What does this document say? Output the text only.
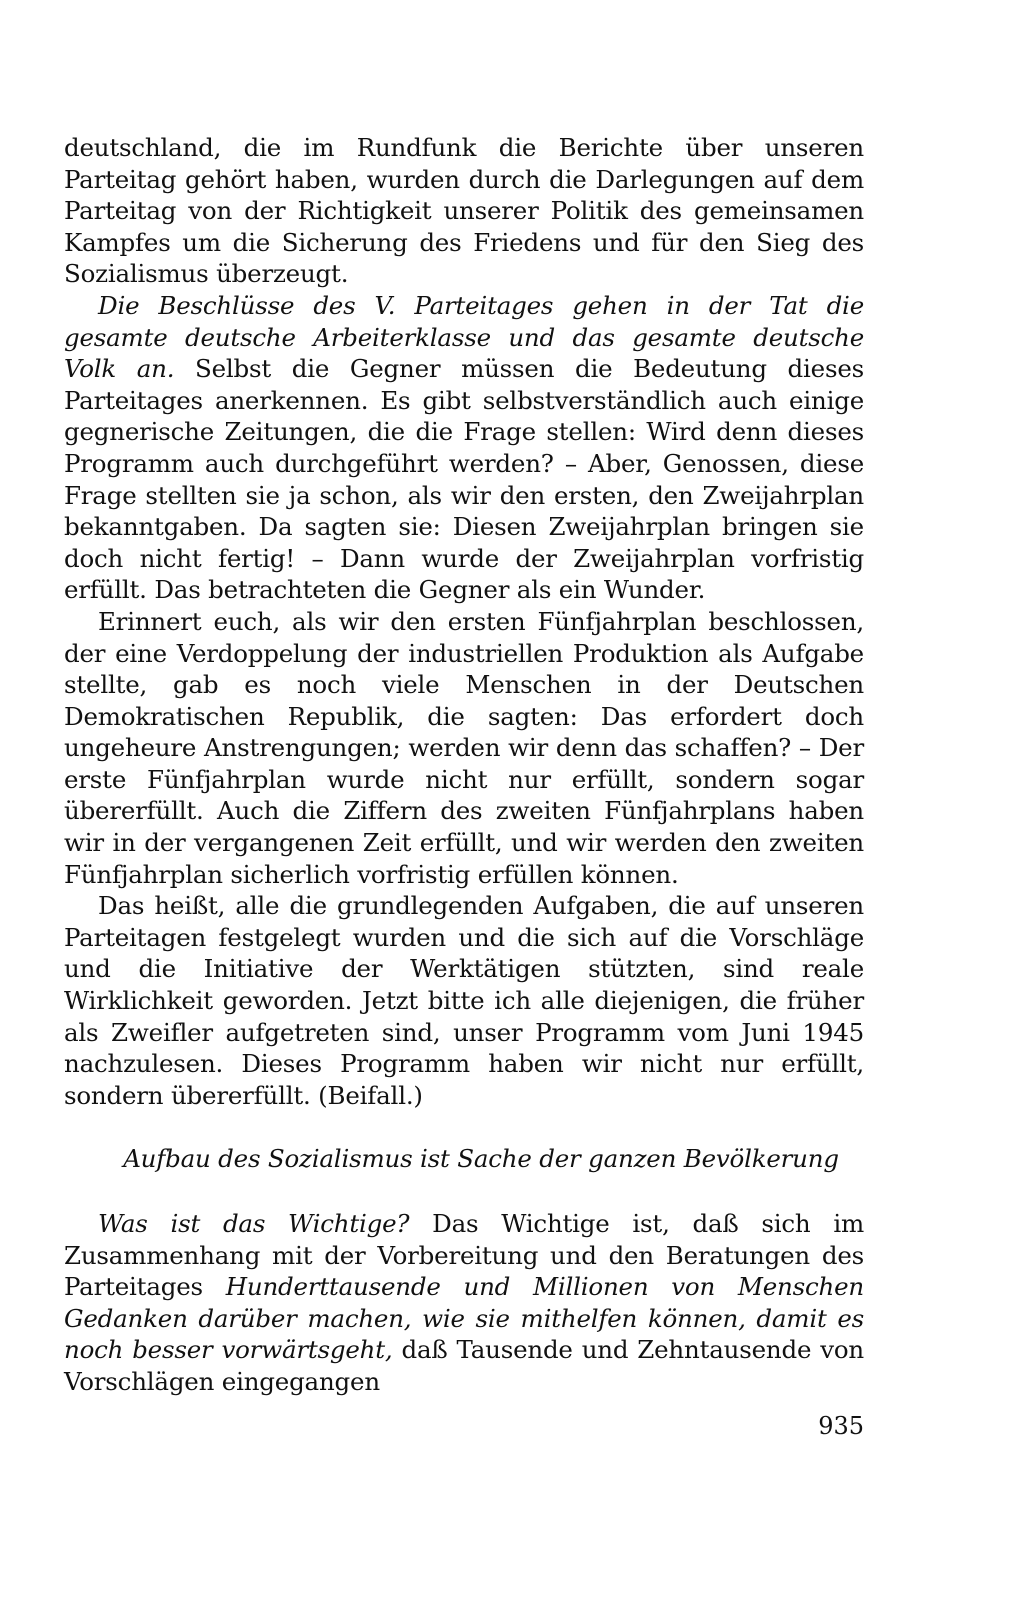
deutschland, die im Rundfunk die Berichte über unseren Parteitag gehört haben, wurden durch die Darlegungen auf dem Parteitag von der Richtigkeit unserer Politik des gemeinsamen Kampfes um die Sicherung des Friedens und für den Sieg des Sozialismus überzeugt.

Die Beschlüsse des V. Parteitages gehen in der Tat die gesamte deutsche Arbeiterklasse und das gesamte deutsche Volk an. Selbst die Gegner müssen die Bedeutung dieses Parteitages anerkennen. Es gibt selbstverständlich auch einige gegnerische Zeitungen, die die Frage stellen: Wird denn dieses Programm auch durchgeführt werden? – Aber, Genossen, diese Frage stellten sie ja schon, als wir den ersten, den Zweijahrplan bekanntgaben. Da sagten sie: Diesen Zweijahrplan bringen sie doch nicht fertig! – Dann wurde der Zweijahrplan vorfristig erfüllt. Das betrachteten die Gegner als ein Wunder.

Erinnert euch, als wir den ersten Fünfjahrplan beschlossen, der eine Verdoppelung der industriellen Produktion als Aufgabe stellte, gab es noch viele Menschen in der Deutschen Demokratischen Republik, die sagten: Das erfordert doch ungeheure Anstrengungen; werden wir denn das schaffen? – Der erste Fünfjahrplan wurde nicht nur erfüllt, sondern sogar übererfüllt. Auch die Ziffern des zweiten Fünfjahrplans haben wir in der vergangenen Zeit erfüllt, und wir werden den zweiten Fünfjahrplan sicherlich vorfristig erfüllen können.

Das heißt, alle die grundlegenden Aufgaben, die auf unseren Parteitagen festgelegt wurden und die sich auf die Vorschläge und die Initiative der Werktätigen stützten, sind reale Wirklichkeit geworden. Jetzt bitte ich alle diejenigen, die früher als Zweifler aufgetreten sind, unser Programm vom Juni 1945 nachzulesen. Dieses Programm haben wir nicht nur erfüllt, sondern übererfüllt. (Beifall.)

Aufbau des Sozialismus ist Sache der ganzen Bevölkerung

Was ist das Wichtige? Das Wichtige ist, daß sich im Zusammenhang mit der Vorbereitung und den Beratungen des Parteitages Hunderttausende und Millionen von Menschen Gedanken darüber machen, wie sie mithelfen können, damit es noch besser vorwärtsgeht, daß Tausende und Zehntausende von Vorschlägen eingegangen

935
